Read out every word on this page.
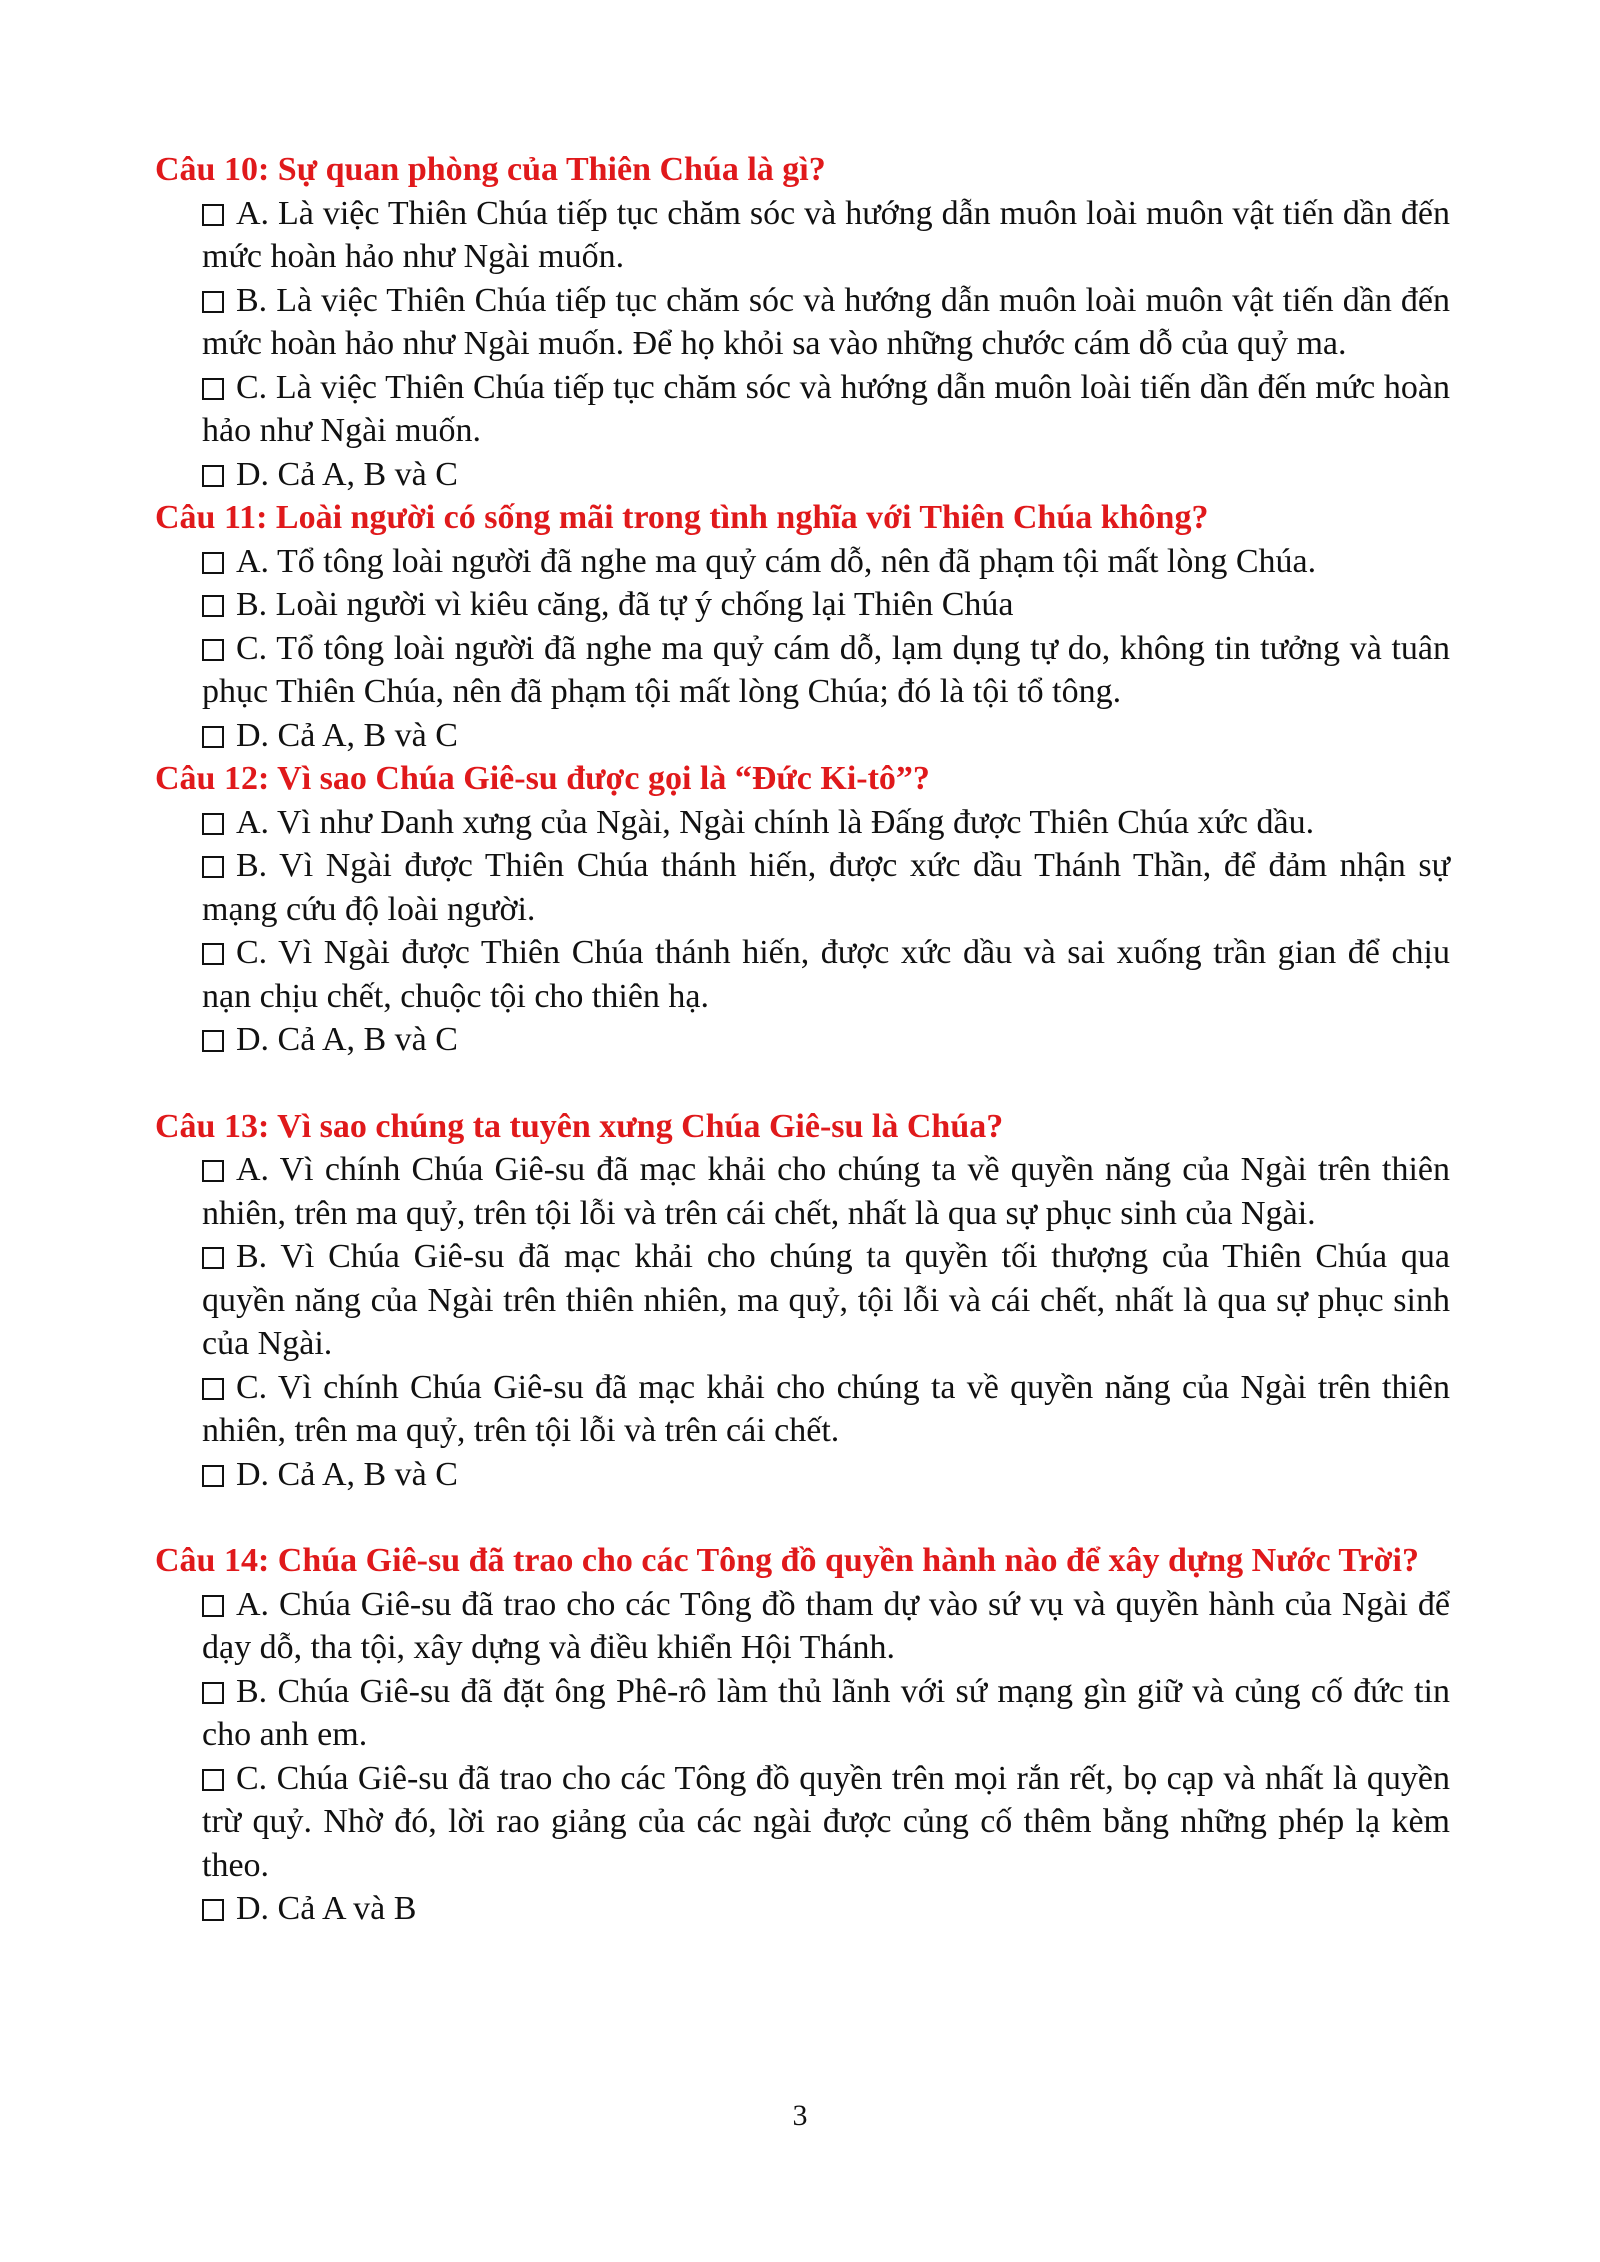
Câu 10: Sự quan phòng của Thiên Chúa là gì?

A. Là việc Thiên Chúa tiếp tục chăm sóc và hướng dẫn muôn loài muôn vật tiến dần đến mức hoàn hảo như Ngài muốn.

B. Là việc Thiên Chúa tiếp tục chăm sóc và hướng dẫn muôn loài muôn vật tiến dần đến mức hoàn hảo như Ngài muốn. Để họ khỏi sa vào những chước cám dỗ của quỷ ma.

C. Là việc Thiên Chúa tiếp tục chăm sóc và hướng dẫn muôn loài tiến dần đến mức hoàn hảo như Ngài muốn.

D. Cả A, B và C

Câu 11: Loài người có sống mãi trong tình nghĩa với Thiên Chúa không?

A. Tổ tông loài người đã nghe ma quỷ cám dỗ, nên đã phạm tội mất lòng Chúa.

B. Loài người vì kiêu căng, đã tự ý chống lại Thiên Chúa

C. Tổ tông loài người đã nghe ma quỷ cám dỗ, lạm dụng tự do, không tin tưởng và tuân phục Thiên Chúa, nên đã phạm tội mất lòng Chúa; đó là tội tổ tông.

D. Cả A, B và C

Câu 12: Vì sao Chúa Giê-su được gọi là “Đức Ki-tô”?

A. Vì như Danh xưng của Ngài, Ngài chính là Đấng được Thiên Chúa xức dầu.

B. Vì Ngài được Thiên Chúa thánh hiến, được xức dầu Thánh Thần, để đảm nhận sự mạng cứu độ loài người.

C. Vì Ngài được Thiên Chúa thánh hiến, được xức dầu và sai xuống trần gian để chịu nạn chịu chết, chuộc tội cho thiên hạ.

D. Cả A, B và C

Câu 13: Vì sao chúng ta tuyên xưng Chúa Giê-su là Chúa?

A. Vì chính Chúa Giê-su đã mạc khải cho chúng ta về quyền năng của Ngài trên thiên nhiên, trên ma quỷ, trên tội lỗi và trên cái chết, nhất là qua sự phục sinh của Ngài.

B. Vì Chúa Giê-su đã mạc khải cho chúng ta quyền tối thượng của Thiên Chúa qua quyền năng của Ngài trên thiên nhiên, ma quỷ, tội lỗi và cái chết, nhất là qua sự phục sinh của Ngài.

C. Vì chính Chúa Giê-su đã mạc khải cho chúng ta về quyền năng của Ngài trên thiên nhiên, trên ma quỷ, trên tội lỗi và trên cái chết.

D. Cả A, B và C

Câu 14: Chúa Giê-su đã trao cho các Tông đồ quyền hành nào để xây dựng Nước Trời?

A. Chúa Giê-su đã trao cho các Tông đồ tham dự vào sứ vụ và quyền hành của Ngài để dạy dỗ, tha tội, xây dựng và điều khiển Hội Thánh.

B. Chúa Giê-su đã đặt ông Phê-rô làm thủ lãnh với sứ mạng gìn giữ và củng cố đức tin cho anh em.

C. Chúa Giê-su đã trao cho các Tông đồ quyền trên mọi rắn rết, bọ cạp và nhất là quyền trừ quỷ. Nhờ đó, lời rao giảng của các ngài được củng cố thêm bằng những phép lạ kèm theo.

D. Cả A và B

3
